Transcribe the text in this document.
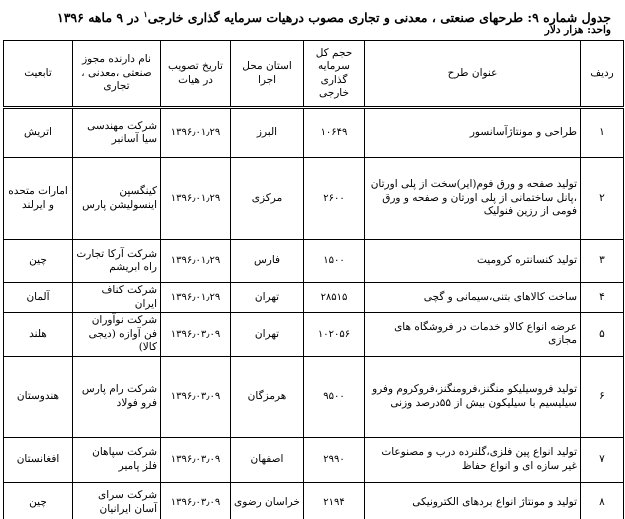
جدول شماره ۹: طرحهای صنعتی ، معدنی و تجاری مصوب درهیات سرمایه گذاری خارجی$^۱$ در ۹ ماهه ۱۳۹۶
واحد: هزار دلار
ردیف	عنوان طرح	حجم کل سرمایه گذاری خارجی	استان محل اجرا	تاریخ تصویب در هیات	نام دارنده مجوز صنعتی ،معدنی ، تجاری	تابعیت
۱	طراحی و مونتاژآسانسور	۱۰۶۴۹	البرز	۱۳۹۶٫۰۱٫۲۹	شرکت مهندسی سیا آسانبر	اتریش
۲	تولید صفحه و ورق فوم(ایر)سخت از پلی اورتان ،پانل ساختمانی از پلی اورتان و صفحه و ورق فومی از رزین فنولیک	۲۶۰۰	مرکزی	۱۳۹۶٫۰۱٫۲۹	کینگسپن اینسولیشن پارس	امارات متحده و ایرلند
۳	تولید کنسانتره کرومیت	۱۵۰۰	فارس	۱۳۹۶٫۰۱٫۲۹	شرکت آرکا تجارت راه ابریشم	چین
۴	ساخت کالاهای بتنی،سیمانی و گچی	۲۸۵۱۵	تهران	۱۳۹۶٫۰۱٫۲۹	شرکت کناف ایران	آلمان
۵	عرضه انواع کالاو خدمات در فروشگاه های مجازی	۱۰۲۰۵۶	تهران	۱۳۹۶٫۰۳٫۰۹	شرکت نوآوران فن آوازه (دیجی کالا)	هلند
۶	تولید فروسیلیکو منگنز،فرومنگنز،فروکروم وفرو سیلیسیم با سیلیکون بیش از ۵۵درصد وزنی	۹۵۰۰	هرمزگان	۱۳۹۶٫۰۳٫۰۹	شرکت رام پارس فرو فولاد	هندوستان
۷	تولید انواع پین فلزی،گلنرده درب و مصنوعات غیر سازه ای و انواع حفاظ	۲۹۹۰	اصفهان	۱۳۹۶٫۰۳٫۰۹	شرکت سپاهان فلز پامیر	افغانستان
۸	تولید و مونتاژ انواع بردهای الکترونیکی	۲۱۹۴	خراسان رضوی	۱۳۹۶٫۰۳٫۰۹	شرکت سرای آسان ایرانیان	چین
